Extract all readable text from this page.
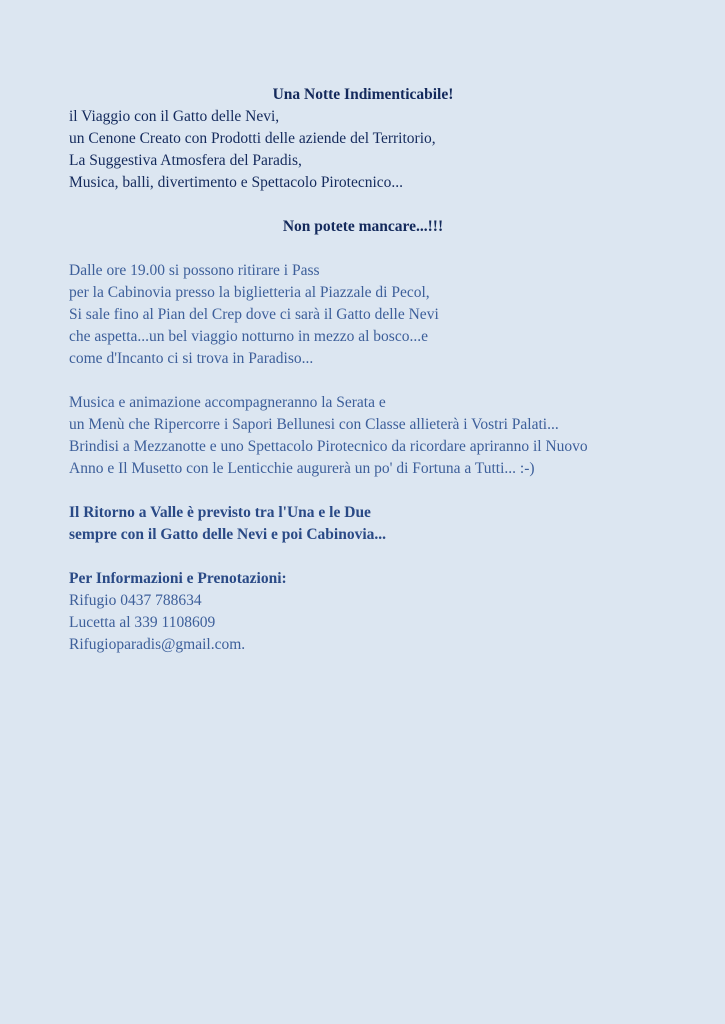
Una Notte Indimenticabile!
il Viaggio con il Gatto delle Nevi,
un Cenone Creato con Prodotti delle aziende del Territorio,
La Suggestiva Atmosfera del Paradis,
Musica, balli, divertimento e Spettacolo Pirotecnico...
Non potete mancare...!!!
Dalle ore 19.00 si possono ritirare i Pass
per la Cabinovia presso la biglietteria al Piazzale di Pecol,
Si sale fino al Pian del Crep dove ci sarà il Gatto delle Nevi
che aspetta...un bel viaggio notturno in mezzo al bosco...e
come d'Incanto ci si trova in Paradiso...
Musica e animazione accompagneranno la Serata e
un Menù che Ripercorre i Sapori Bellunesi con Classe allieterà i Vostri Palati...
Brindisi a Mezzanotte e uno Spettacolo Pirotecnico da ricordare apriranno il Nuovo
Anno e Il Musetto con le Lenticchie augurerà un po' di Fortuna a Tutti... :-)
Il Ritorno a Valle è previsto tra l'Una e le Due
sempre con il Gatto delle Nevi e poi Cabinovia...
Per Informazioni e Prenotazioni:
Rifugio 0437 788634
Lucetta al 339 1108609
Rifugioparadis@gmail.com.
